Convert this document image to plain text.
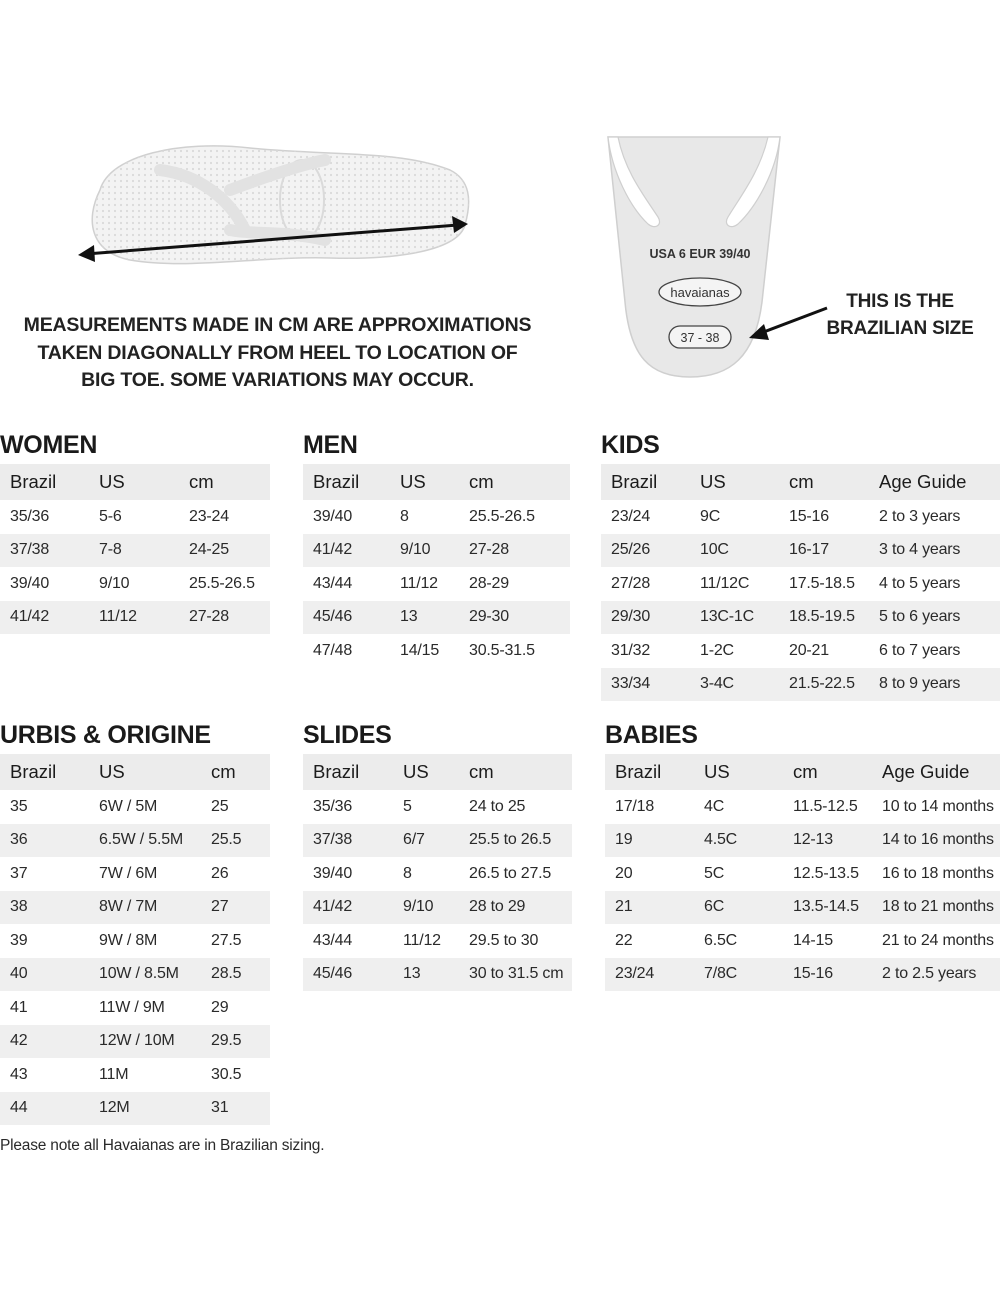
MEASUREMENTS MADE IN CM ARE APPROXIMATIONS
TAKEN DIAGONALLY FROM HEEL TO LOCATION OF
BIG TOE. SOME VARIATIONS MAY OCCUR.
USA 6 EUR 39/40
havaianas
37 - 38
THIS IS THE
BRAZILIAN SIZE
WOMEN
Brazil	US	cm
35/36	5-6	23-24
37/38	7-8	24-25
39/40	9/10	25.5-26.5
41/42	11/12	27-28
MEN
Brazil	US	cm
39/40	8	25.5-26.5
41/42	9/10	27-28
43/44	11/12	28-29
45/46	13	29-30
47/48	14/15	30.5-31.5
KIDS
Brazil	US	cm	Age Guide
23/24	9C	15-16	2 to 3 years
25/26	10C	16-17	3 to 4 years
27/28	11/12C	17.5-18.5	4 to 5 years
29/30	13C-1C	18.5-19.5	5 to 6 years
31/32	1-2C	20-21	6 to 7 years
33/34	3-4C	21.5-22.5	8 to 9 years
URBIS & ORIGINE
Brazil	US	cm
35	6W / 5M	25
36	6.5W / 5.5M	25.5
37	7W / 6M	26
38	8W / 7M	27
39	9W / 8M	27.5
40	10W / 8.5M	28.5
41	11W / 9M	29
42	12W / 10M	29.5
43	11M	30.5
44	12M	31
SLIDES
Brazil	US	cm
35/36	5	24 to 25
37/38	6/7	25.5 to 26.5
39/40	8	26.5 to 27.5
41/42	9/10	28 to 29
43/44	11/12	29.5 to 30
45/46	13	30 to 31.5 cm
BABIES
Brazil	US	cm	Age Guide
17/18	4C	11.5-12.5	10 to 14 months
19	4.5C	12-13	14 to 16 months
20	5C	12.5-13.5	16 to 18 months
21	6C	13.5-14.5	18 to 21 months
22	6.5C	14-15	21 to 24 months
23/24	7/8C	15-16	2 to 2.5 years
Please note all Havaianas are in Brazilian sizing.
